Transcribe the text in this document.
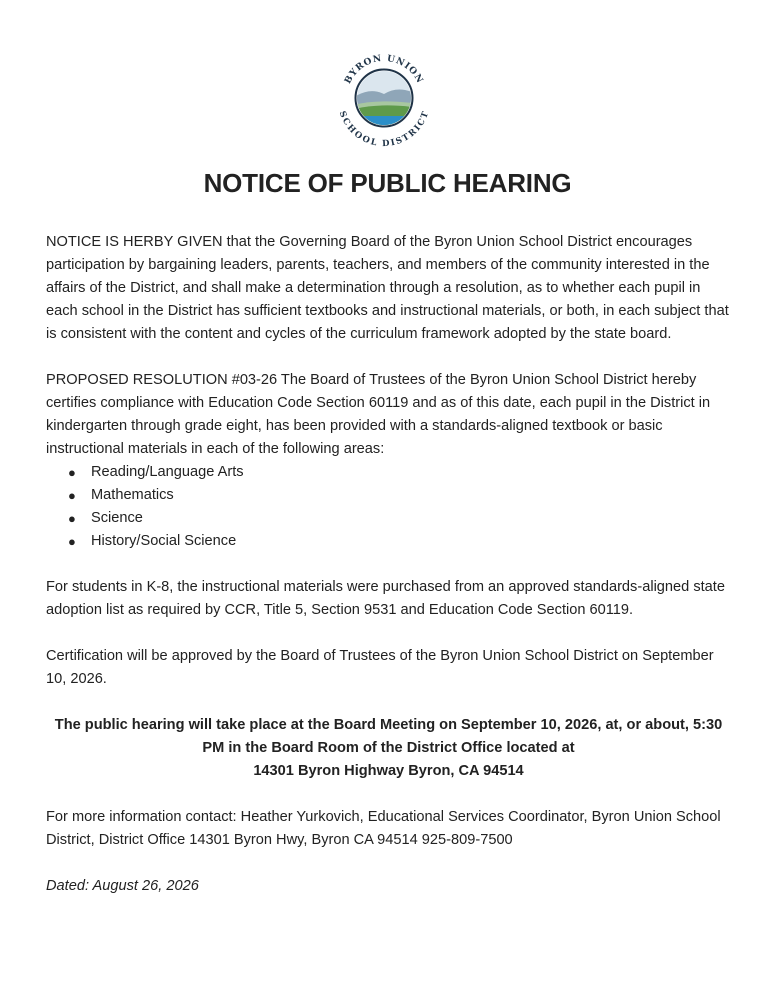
BYRON UNION
SCHOOL DISTRICT
NOTICE OF PUBLIC HEARING

NOTICE IS HERBY GIVEN that the Governing Board of the Byron Union School District encourages participation by bargaining leaders, parents, teachers, and members of the community interested in the affairs of the District, and shall make a determination through a resolution, as to whether each pupil in each school in the District has sufficient textbooks and instructional materials, or both, in each subject that is consistent with the content and cycles of the curriculum framework adopted by the state board.

PROPOSED RESOLUTION #03-26 The Board of Trustees of the Byron Union School District hereby certifies compliance with Education Code Section 60119 and as of this date, each pupil in the District in kindergarten through grade eight, has been provided with a standards-aligned textbook or basic instructional materials in each of the following areas:

● Reading/Language Arts
● Mathematics
● Science
● History/Social Science

For students in K-8, the instructional materials were purchased from an approved standards-aligned state adoption list as required by CCR, Title 5, Section 9531 and Education Code Section 60119.

Certification will be approved by the Board of Trustees of the Byron Union School District on September 10, 2026.

The public hearing will take place at the Board Meeting on September 10, 2026, at, or about, 5:30

PM in the Board Room of the District Office located at

14301 Byron Highway Byron, CA 94514

For more information contact: Heather Yurkovich, Educational Services Coordinator, Byron Union School District, District Office 14301 Byron Hwy, Byron CA 94514 925-809-7500

Dated: August 26, 2026
